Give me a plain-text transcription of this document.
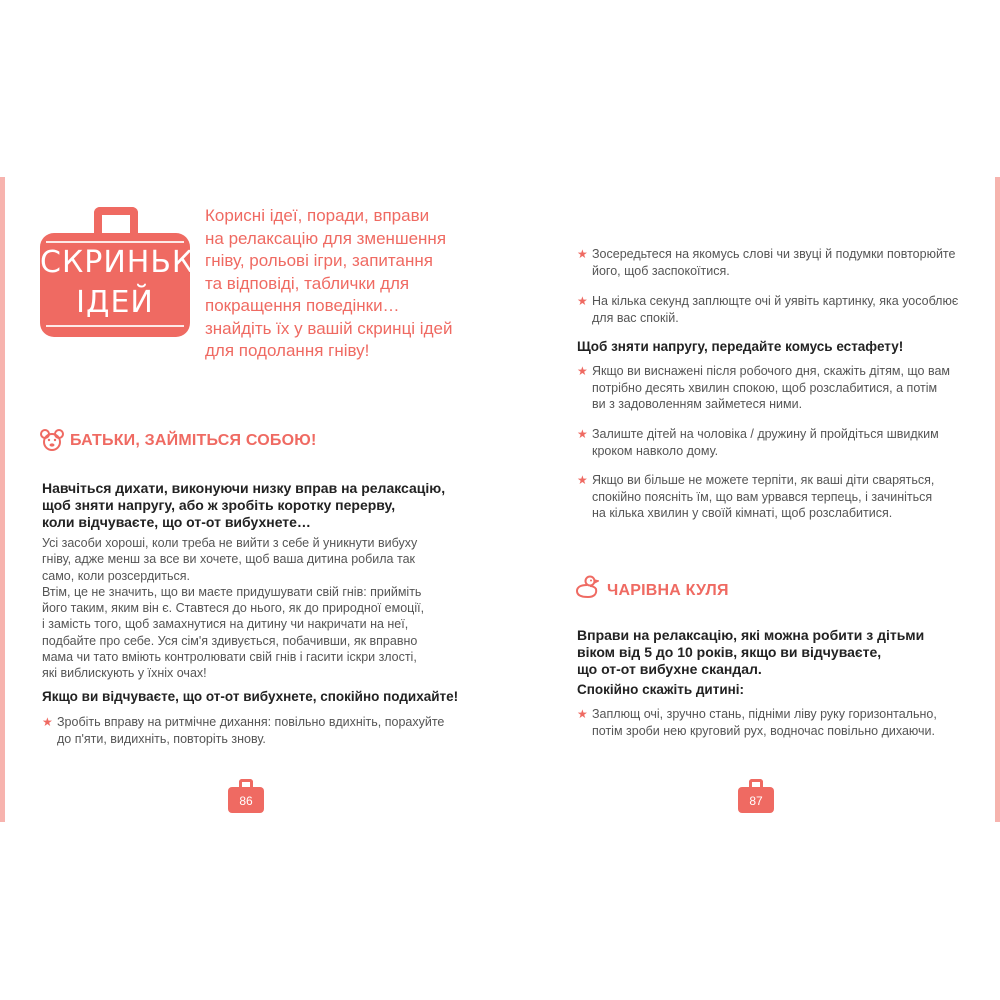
СКРИНЬКА
ІДЕЙ
Корисні ідеї, поради, вправи
на релаксацію для зменшення
гніву, рольові ігри, запитання
та відповіді, таблички для
покращення поведінки…
знайдіть їх у вашій скринці ідей
для подолання гніву!
БАТЬКИ, ЗАЙМІТЬСЯ СОБОЮ!
Навчіться дихати, виконуючи низку вправ на релаксацію,
щоб зняти напругу, або ж зробіть коротку перерву,
коли відчуваєте, що от-от вибухнете…
Усі засоби хороші, коли треба не вийти з себе й уникнути вибуху
гніву, адже менш за все ви хочете, щоб ваша дитина робила так
само, коли розсердиться.
Втім, це не значить, що ви маєте придушувати свій гнів: прийміть
його таким, яким він є. Ставтеся до нього, як до природної емоції,
і замість того, щоб замахнутися на дитину чи накричати на неї,
подбайте про себе. Уся сім'я здивується, побачивши, як вправно
мама чи тато вміють контролювати свій гнів і гасити іскри злості,
які виблискують у їхніх очах!
Якщо ви відчуваєте, що от-от вибухнете, спокійно подихайте!
★ Зробіть вправу на ритмічне дихання: повільно вдихніть, порахуйте
до п'яти, видихніть, повторіть знову.
86
★ Зосередьтеся на якомусь слові чи звуці й подумки повторюйте
його, щоб заспокоїтися.
★ На кілька секунд заплющте очі й уявіть картинку, яка уособлює
для вас спокій.
Щоб зняти напругу, передайте комусь естафету!
★ Якщо ви виснажені після робочого дня, скажіть дітям, що вам
потрібно десять хвилин спокою, щоб розслабитися, а потім
ви з задоволенням займетеся ними.
★ Залиште дітей на чоловіка / дружину й пройдіться швидким
кроком навколо дому.
★ Якщо ви більше не можете терпіти, як ваші діти сваряться,
спокійно поясніть їм, що вам урвався терпець, і зачиніться
на кілька хвилин у своїй кімнаті, щоб розслабитися.
ЧАРІВНА КУЛЯ
Вправи на релаксацію, які можна робити з дітьми
віком від 5 до 10 років, якщо ви відчуваєте,
що от-от вибухне скандал.
Спокійно скажіть дитині:
★ Заплющ очі, зручно стань, підніми ліву руку горизонтально,
потім зроби нею круговий рух, водночас повільно дихаючи.
87
